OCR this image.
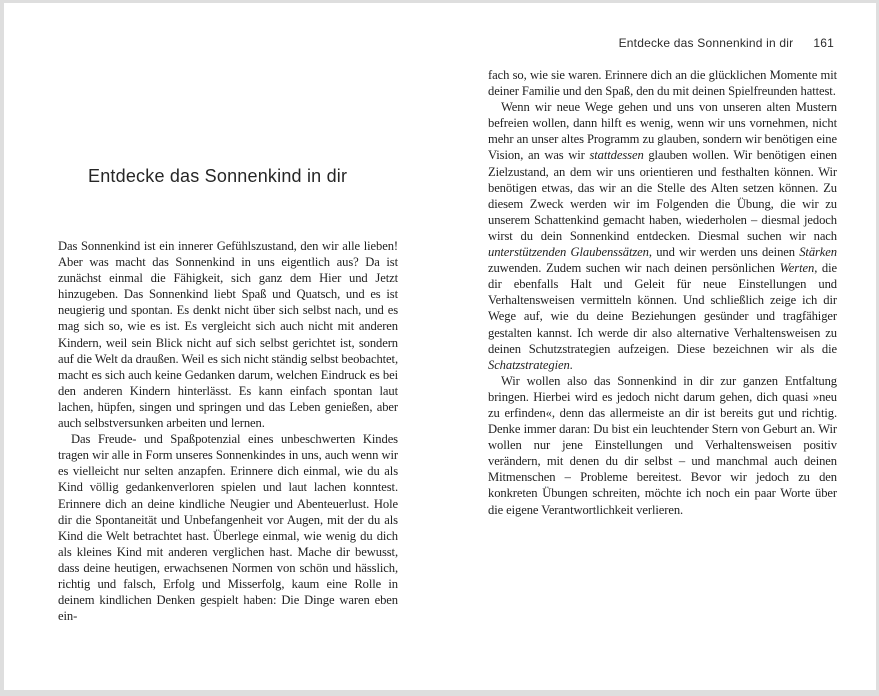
Entdecke das Sonnenkind in dir 161
Entdecke das Sonnenkind in dir

Das Sonnenkind ist ein innerer Gefühlszustand, den wir alle lieben! Aber was macht das Sonnenkind in uns eigentlich aus? Da ist zunächst einmal die Fähigkeit, sich ganz dem Hier und Jetzt hinzugeben. Das Sonnenkind liebt Spaß und Quatsch, und es ist neugierig und spontan. Es denkt nicht über sich selbst nach, und es mag sich so, wie es ist. Es vergleicht sich auch nicht mit anderen Kindern, weil sein Blick nicht auf sich selbst gerichtet ist, sondern auf die Welt da draußen. Weil es sich nicht ständig selbst beobachtet, macht es sich auch keine Gedanken darum, welchen Eindruck es bei den anderen Kindern hinterlässt. Es kann einfach spontan laut lachen, hüpfen, singen und springen und das Leben genießen, aber auch selbstversunken arbeiten und lernen.

Das Freude- und Spaßpotenzial eines unbeschwerten Kindes tragen wir alle in Form unseres Sonnenkindes in uns, auch wenn wir es vielleicht nur selten anzapfen. Erinnere dich einmal, wie du als Kind völlig gedankenverloren spielen und laut lachen konntest. Erinnere dich an deine kindliche Neugier und Abenteuerlust. Hole dir die Spontaneität und Unbefangenheit vor Augen, mit der du als Kind die Welt betrachtet hast. Überlege einmal, wie wenig du dich als kleines Kind mit anderen verglichen hast. Mache dir bewusst, dass deine heutigen, erwachsenen Normen von schön und hässlich, richtig und falsch, Erfolg und Misserfolg, kaum eine Rolle in deinem kindlichen Denken gespielt haben: Die Dinge waren eben ein-

fach so, wie sie waren. Erinnere dich an die glücklichen Momente mit deiner Familie und den Spaß, den du mit deinen Spielfreunden hattest.

Wenn wir neue Wege gehen und uns von unseren alten Mustern befreien wollen, dann hilft es wenig, wenn wir uns vornehmen, nicht mehr an unser altes Programm zu glauben, sondern wir benötigen eine Vision, an was wir stattdessen glauben wollen. Wir benötigen einen Zielzustand, an dem wir uns orientieren und festhalten können. Wir benötigen etwas, das wir an die Stelle des Alten setzen können. Zu diesem Zweck werden wir im Folgenden die Übung, die wir zu unserem Schattenkind gemacht haben, wiederholen – diesmal jedoch wirst du dein Sonnenkind entdecken. Diesmal suchen wir nach unterstützenden Glaubenssätzen, und wir werden uns deinen Stärken zuwenden. Zudem suchen wir nach deinen persönlichen Werten, die dir ebenfalls Halt und Geleit für neue Einstellungen und Verhaltensweisen vermitteln können. Und schließlich zeige ich dir Wege auf, wie du deine Beziehungen gesünder und tragfähiger gestalten kannst. Ich werde dir also alternative Verhaltensweisen zu deinen Schutzstrategien aufzeigen. Diese bezeichnen wir als die Schatzstrategien.

Wir wollen also das Sonnenkind in dir zur ganzen Entfaltung bringen. Hierbei wird es jedoch nicht darum gehen, dich quasi »neu zu erfinden«, denn das allermeiste an dir ist bereits gut und richtig. Denke immer daran: Du bist ein leuchtender Stern von Geburt an. Wir wollen nur jene Einstellungen und Verhaltensweisen positiv verändern, mit denen du dir selbst – und manchmal auch deinen Mitmenschen – Probleme bereitest. Bevor wir jedoch zu den konkreten Übungen schreiten, möchte ich noch ein paar Worte über die eigene Verantwortlichkeit verlieren.
